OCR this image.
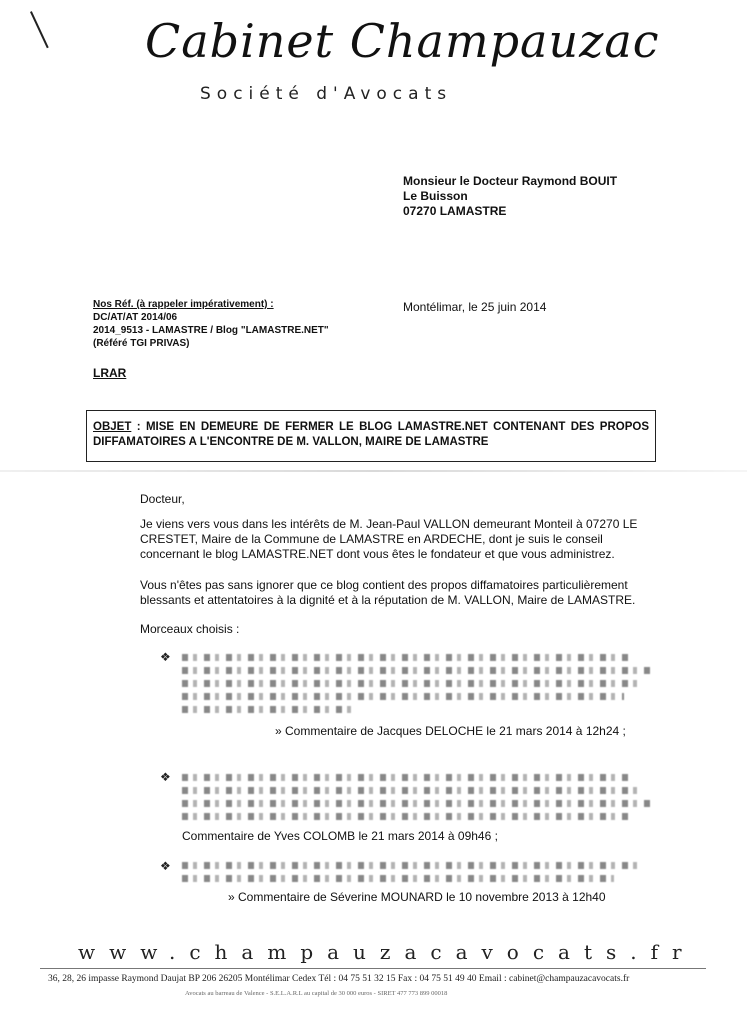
Cabinet Champauzac
Société d'Avocats
Monsieur le Docteur Raymond BOUIT
Le Buisson
07270 LAMASTRE
Nos Réf. (à rappeler impérativement) :
DC/AT/AT 2014/06
2014_9513 - LAMASTRE / Blog "LAMASTRE.NET"
(Référé TGI PRIVAS)
Montélimar, le 25 juin 2014
LRAR
OBJET : MISE EN DEMEURE DE FERMER LE BLOG LAMASTRE.NET CONTENANT DES PROPOS DIFFAMATOIRES A L'ENCONTRE DE M. VALLON, MAIRE DE LAMASTRE
Docteur,
Je viens vers vous dans les intérêts de M. Jean-Paul VALLON demeurant Monteil à 07270 LE CRESTET, Maire de la Commune de LAMASTRE en ARDECHE, dont je suis le conseil concernant le blog LAMASTRE.NET dont vous êtes le fondateur et que vous administrez.
Vous n'êtes pas sans ignorer que ce blog contient des propos diffamatoires particulièrement blessants et attentatoires à la dignité et à la réputation de M. VALLON, Maire de LAMASTRE.
Morceaux choisis :
❖
» Commentaire de Jacques DELOCHE le 21 mars 2014 à 12h24 ;
❖
Commentaire de Yves COLOMB le 21 mars 2014 à 09h46 ;
❖
» Commentaire de Séverine MOUNARD le 10 novembre 2013 à 12h40
www.champauzacavocats.fr
36, 28, 26 impasse Raymond Daujat BP 206 26205 Montélimar Cedex Tél : 04 75 51 32 15 Fax : 04 75 51 49 40 Email : cabinet@champauzacavocats.fr
Avocats au barreau de Valence - S.E.L.A.R.L au capital de 30 000 euros - SIRET 477 773 899 00018
